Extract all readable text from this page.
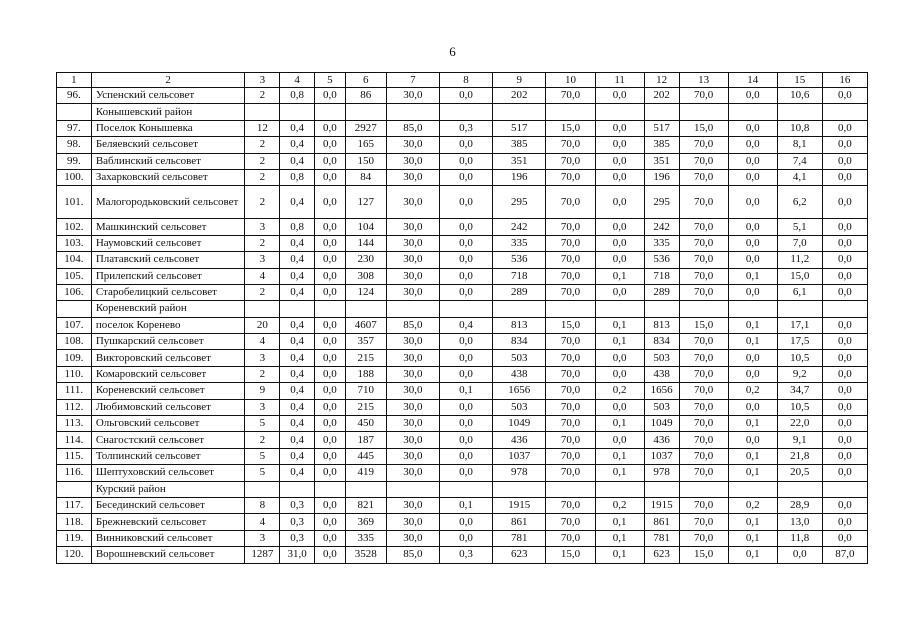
6
1	2	3	4	5	6	7	8	9	10	11	12	13	14	15	16
96.	Успенский сельсовет	2	0,8	0,0	86	30,0	0,0	202	70,0	0,0	202	70,0	0,0	10,6	0,0
	Конышевский район														
97.	Поселок Конышевка	12	0,4	0,0	2927	85,0	0,3	517	15,0	0,0	517	15,0	0,0	10,8	0,0
98.	Беляевский сельсовет	2	0,4	0,0	165	30,0	0,0	385	70,0	0,0	385	70,0	0,0	8,1	0,0
99.	Ваблинский сельсовет	2	0,4	0,0	150	30,0	0,0	351	70,0	0,0	351	70,0	0,0	7,4	0,0
100.	Захарковский сельсовет	2	0,8	0,0	84	30,0	0,0	196	70,0	0,0	196	70,0	0,0	4,1	0,0
101.	Малогородьковский сельсовет	2	0,4	0,0	127	30,0	0,0	295	70,0	0,0	295	70,0	0,0	6,2	0,0
102.	Машкинский сельсовет	3	0,8	0,0	104	30,0	0,0	242	70,0	0,0	242	70,0	0,0	5,1	0,0
103.	Наумовский сельсовет	2	0,4	0,0	144	30,0	0,0	335	70,0	0,0	335	70,0	0,0	7,0	0,0
104.	Платавский сельсовет	3	0,4	0,0	230	30,0	0,0	536	70,0	0,0	536	70,0	0,0	11,2	0,0
105.	Прилепский сельсовет	4	0,4	0,0	308	30,0	0,0	718	70,0	0,1	718	70,0	0,1	15,0	0,0
106.	Старобелицкий сельсовет	2	0,4	0,0	124	30,0	0,0	289	70,0	0,0	289	70,0	0,0	6,1	0,0
	Кореневский район														
107.	поселок Коренево	20	0,4	0,0	4607	85,0	0,4	813	15,0	0,1	813	15,0	0,1	17,1	0,0
108.	Пушкарский сельсовет	4	0,4	0,0	357	30,0	0,0	834	70,0	0,1	834	70,0	0,1	17,5	0,0
109.	Викторовский сельсовет	3	0,4	0,0	215	30,0	0,0	503	70,0	0,0	503	70,0	0,0	10,5	0,0
110.	Комаровский сельсовет	2	0,4	0,0	188	30,0	0,0	438	70,0	0,0	438	70,0	0,0	9,2	0,0
111.	Кореневский сельсовет	9	0,4	0,0	710	30,0	0,1	1656	70,0	0,2	1656	70,0	0,2	34,7	0,0
112.	Любимовский сельсовет	3	0,4	0,0	215	30,0	0,0	503	70,0	0,0	503	70,0	0,0	10,5	0,0
113.	Ольговский сельсовет	5	0,4	0,0	450	30,0	0,0	1049	70,0	0,1	1049	70,0	0,1	22,0	0,0
114.	Снагостский сельсовет	2	0,4	0,0	187	30,0	0,0	436	70,0	0,0	436	70,0	0,0	9,1	0,0
115.	Толпинский сельсовет	5	0,4	0,0	445	30,0	0,0	1037	70,0	0,1	1037	70,0	0,1	21,8	0,0
116.	Шептуховский сельсовет	5	0,4	0,0	419	30,0	0,0	978	70,0	0,1	978	70,0	0,1	20,5	0,0
	Курский район														
117.	Бесединский сельсовет	8	0,3	0,0	821	30,0	0,1	1915	70,0	0,2	1915	70,0	0,2	28,9	0,0
118.	Брежневский сельсовет	4	0,3	0,0	369	30,0	0,0	861	70,0	0,1	861	70,0	0,1	13,0	0,0
119.	Винниковский сельсовет	3	0,3	0,0	335	30,0	0,0	781	70,0	0,1	781	70,0	0,1	11,8	0,0
120.	Ворошневский сельсовет	1287	31,0	0,0	3528	85,0	0,3	623	15,0	0,1	623	15,0	0,1	0,0	87,0
